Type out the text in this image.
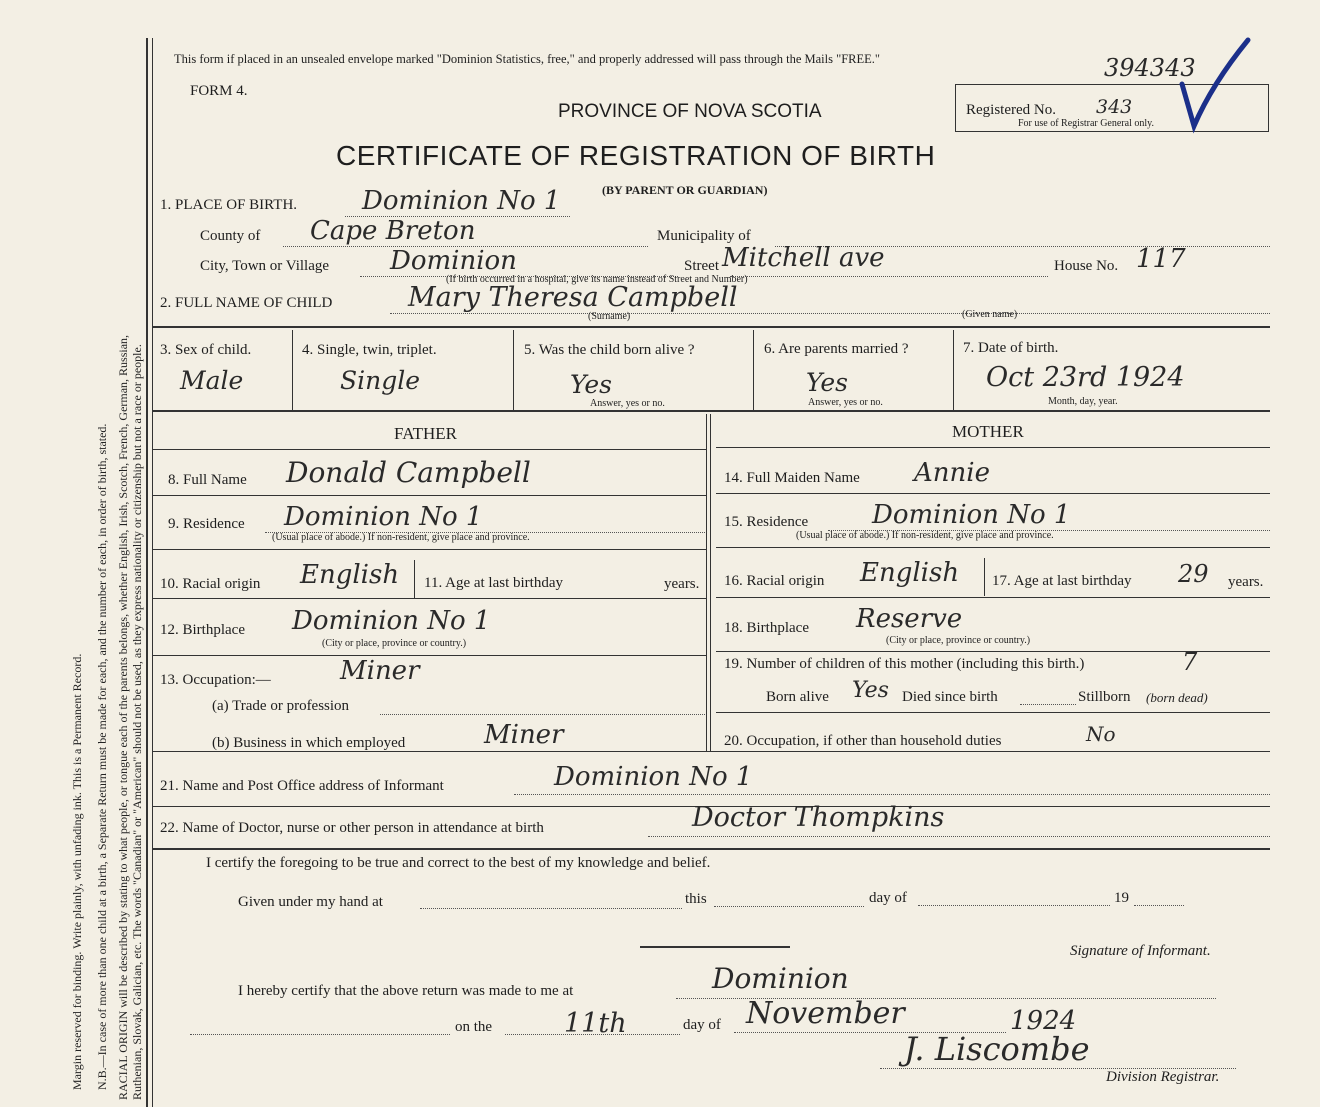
Margin reserved for binding. Write plainly, with unfading ink. This is a Permanent Record. N.B.—In case of more than one child at a birth, a Separate Return must be made for each, and the number of each, in order of birth, stated. RACIAL ORIGIN will be described by stating to what people, or tongue each of the parents belongs, whether English, Irish, Scotch, French, German, Russian, Ruthenian, Slovak, Galician, etc. The words "Canadian" or "American" should not be used, as they express nationality or citizenship but not a race or people.
This form if placed in an unsealed envelope marked "Dominion Statistics, free," and properly addressed will pass through the Mails "FREE."
FORM 4.
PROVINCE OF NOVA SCOTIA
CERTIFICATE OF REGISTRATION OF BIRTH
(BY PARENT OR GUARDIAN)
394343
Registered No. 343
For use of Registrar General only.
1. PLACE OF BIRTH. Dominion No 1
County of Cape Breton	Municipality of
City, Town or Village Dominion	Street Mitchell ave	House No. 117
(If birth occurred in a hospital, give its name instead of Street and Number)
2. FULL NAME OF CHILD	Mary Theresa Campbell
(Surname)	(Given name)
3. Sex of child.
Male
4. Single, twin, triplet.
Single
5. Was the child born alive ?
Yes
Answer, yes or no.
6. Are parents married ?
Yes
Answer, yes or no.
7. Date of birth.
Oct 23rd 1924
Month, day, year.
FATHER	MOTHER
8. Full Name Donald Campbell
9. Residence Dominion No 1
(Usual place of abode.) If non-resident, give place and province.
10. Racial origin English 11. Age at last birthday	years.
12. Birthplace Dominion No 1
(City or place, province or country.)
13. Occupation:—	Miner
(a) Trade or profession
(b) Business in which employed	Miner
14. Full Maiden Name Annie
15. Residence Dominion No 1
(Usual place of abode.) If non-resident, give place and province.
16. Racial origin English 17. Age at last birthday 29 years.
18. Birthplace Reserve
(City or place, province or country.)
19. Number of children of this mother (including this birth.)	7
Born alive Yes Died since birth	Stillborn (born dead)
20. Occupation, if other than household duties	No
21. Name and Post Office address of Informant	Dominion No 1
22. Name of Doctor, nurse or other person in attendance at birth	Doctor Thompkins
I certify the foregoing to be true and correct to the best of my knowledge and belief.
Given under my hand at	this	day of	19
Signature of Informant.
I hereby certify that the above return was made to me at	Dominion
on the	11th	day of November	1924
J. Liscombe
Division Registrar.
